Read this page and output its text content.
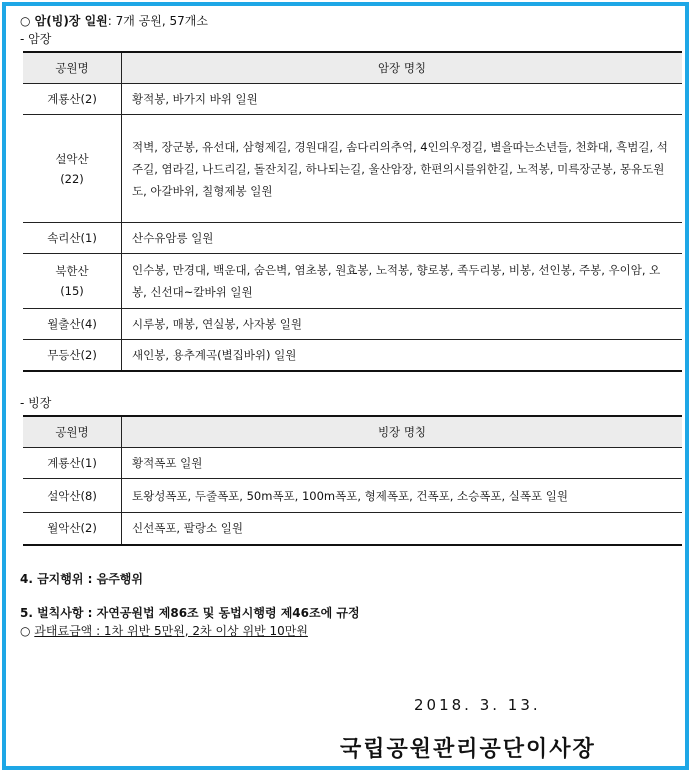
○ 암(빙)장 일원: 7개 공원, 57개소
- 암장
공원명	암장 명칭
계룡산(2)	황적봉, 바가지 바위 일원
설악산
(22)	적벽, 장군봉, 유선대, 삼형제길, 경원대길, 솜다리의추억, 4인의우정길, 별을따는소년들, 천화대, 흑범길, 석주길, 염라길, 나드리길, 돌잔치길, 하나되는길, 울산암장, 한편의시를위한길, 노적봉, 미륵장군봉, 몽유도원도, 아갈바위, 칠형제봉 일원
속리산(1)	산수유암릉 일원
북한산
(15)	인수봉, 만경대, 백운대, 숨은벽, 염초봉, 원효봉, 노적봉, 향로봉, 족두리봉, 비봉, 선인봉, 주봉, 우이암, 오봉, 신선대~칼바위 일원
월출산(4)	시루봉, 매봉, 연실봉, 사자봉 일원
무등산(2)	새인봉, 용추계곡(별집바위) 일원
- 빙장
공원명	빙장 명칭
계룡산(1)	황적폭포 일원
설악산(8)	토왕성폭포, 두줄폭포, 50m폭포, 100m폭포, 형제폭포, 건폭포, 소승폭포, 실폭포 일원
월악산(2)	신선폭포, 팔랑소 일원
4. 금지행위 : 음주행위
5. 벌칙사항 : 자연공원법 제86조 및 동법시행령 제46조에 규정
○ 과태료금액 : 1차 위반 5만원, 2차 이상 위반 10만원
2018. 3. 13.
국립공원관리공단이사장
